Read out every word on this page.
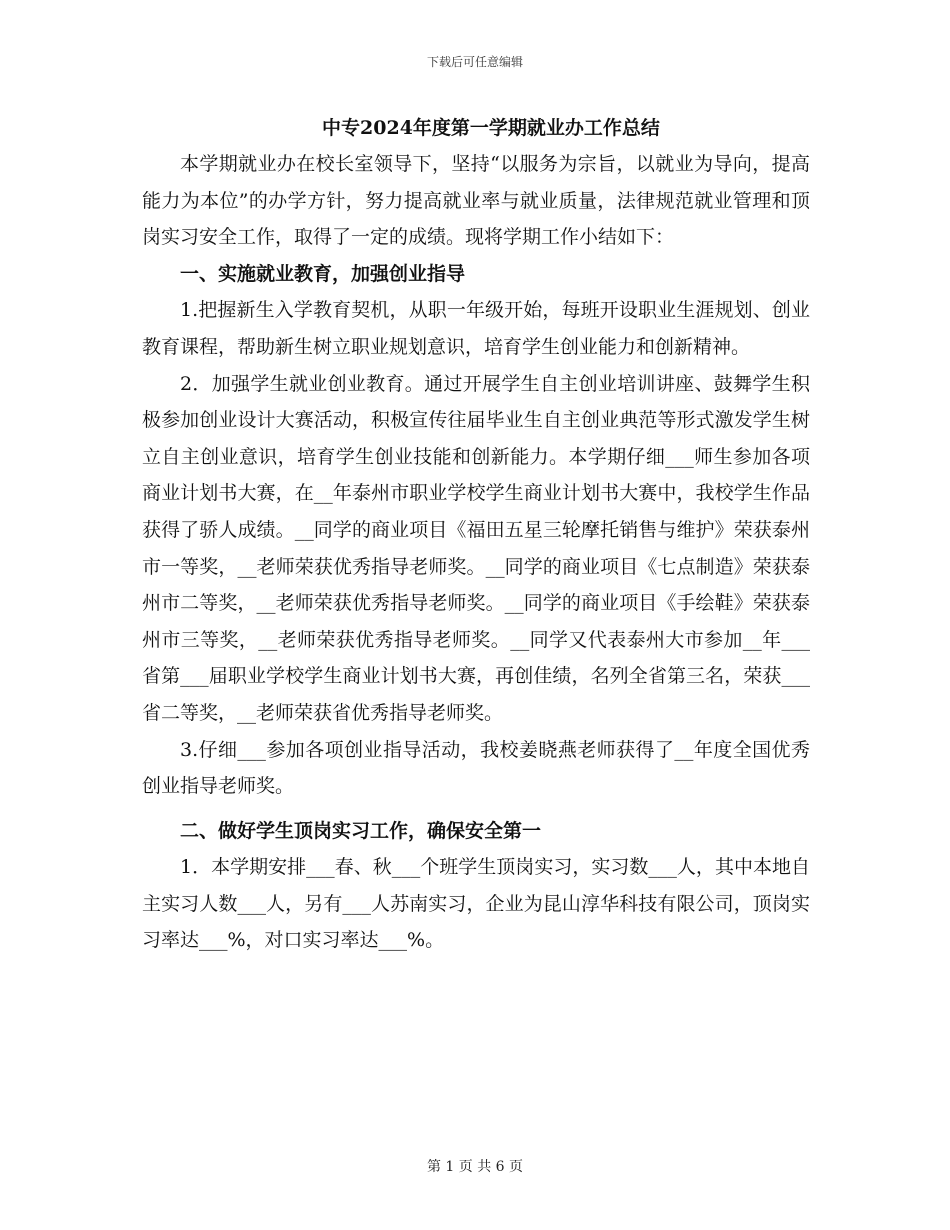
下载后可任意编辑
中专2024年度第一学期就业办工作总结

本学期就业办在校长室领导下，坚持“以服务为宗旨，以就业为导向，提高能力为本位”的办学方针，努力提高就业率与就业质量，法律规范就业管理和顶岗实习安全工作，取得了一定的成绩。现将学期工作小结如下：

一、实施就业教育，加强创业指导

1.把握新生入学教育契机，从职一年级开始，每班开设职业生涯规划、创业教育课程，帮助新生树立职业规划意识，培育学生创业能力和创新精神。

2．加强学生就业创业教育。通过开展学生自主创业培训讲座、鼓舞学生积极参加创业设计大赛活动，积极宣传往届毕业生自主创业典范等形式激发学生树立自主创业意识，培育学生创业技能和创新能力。本学期仔细___师生参加各项商业计划书大赛，在__年泰州市职业学校学生商业计划书大赛中，我校学生作品获得了骄人成绩。__同学的商业项目《福田五星三轮摩托销售与维护》荣获泰州市一等奖，__老师荣获优秀指导老师奖。__同学的商业项目《七点制造》荣获泰州市二等奖，__老师荣获优秀指导老师奖。__同学的商业项目《手绘鞋》荣获泰州市三等奖，__老师荣获优秀指导老师奖。__同学又代表泰州大市参加__年___省第___届职业学校学生商业计划书大赛，再创佳绩，名列全省第三名，荣获___省二等奖，__老师荣获省优秀指导老师奖。

3.仔细___参加各项创业指导活动，我校姜晓燕老师获得了__年度全国优秀创业指导老师奖。

二、做好学生顶岗实习工作，确保安全第一

1．本学期安排___春、秋___个班学生顶岗实习，实习数___人，其中本地自主实习人数___人，另有___人苏南实习，企业为昆山淳华科技有限公司，顶岗实习率达___%，对口实习率达___%。

第 1 页 共 6 页
